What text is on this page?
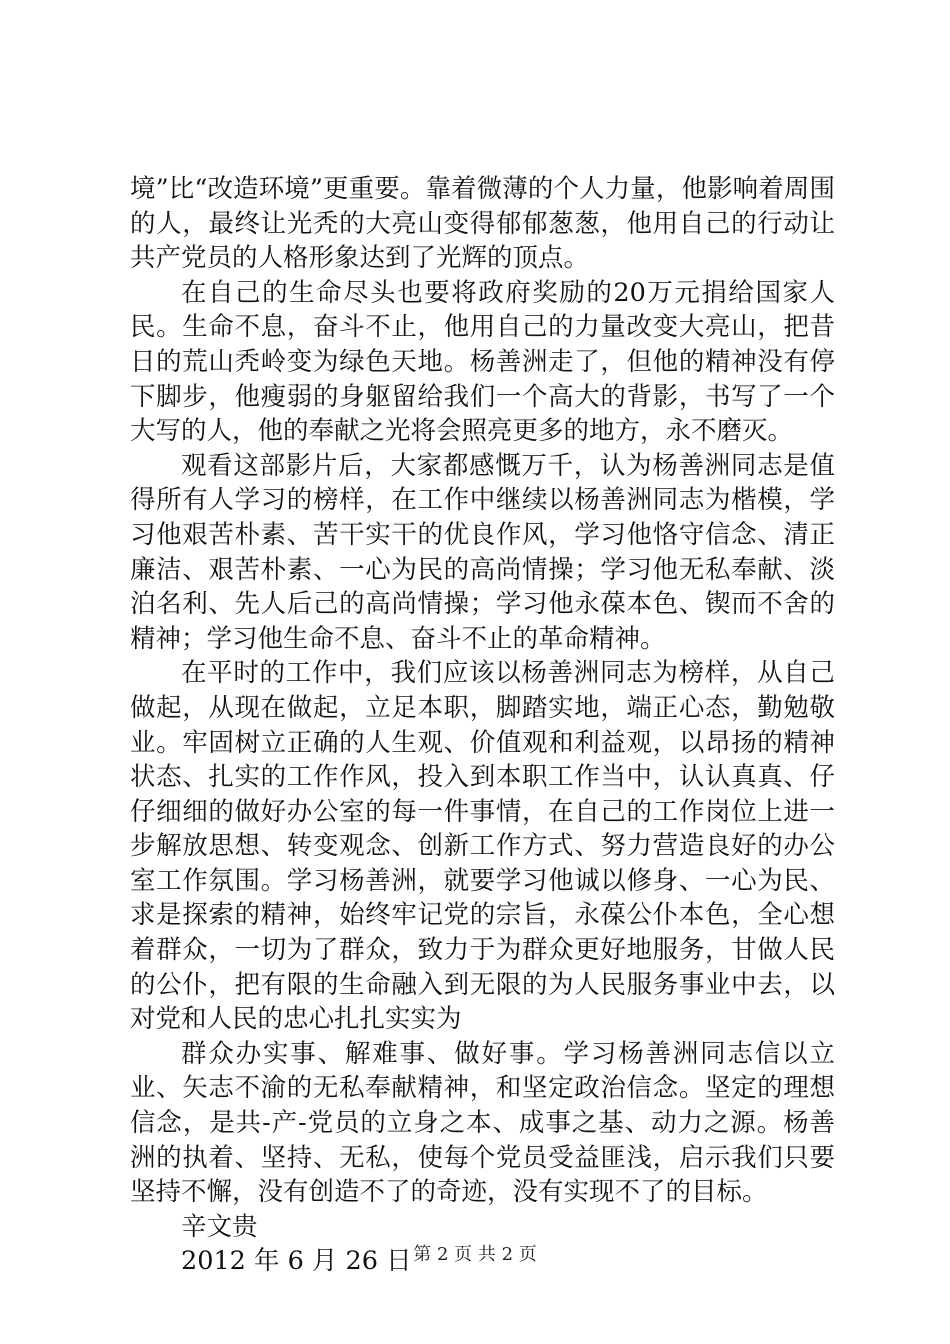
境”比“改造环境”更重要。靠着微薄的个人力量，他影响着周围的人，最终让光秃的大亮山变得郁郁葱葱，他用自己的行动让共产党员的人格形象达到了光辉的顶点。

在自己的生命尽头也要将政府奖励的20万元捐给国家人民。生命不息，奋斗不止，他用自己的力量改变大亮山，把昔日的荒山秃岭变为绿色天地。杨善洲走了，但他的精神没有停下脚步，他瘦弱的身躯留给我们一个高大的背影，书写了一个大写的人，他的奉献之光将会照亮更多的地方，永不磨灭。

观看这部影片后，大家都感慨万千，认为杨善洲同志是值得所有人学习的榜样，在工作中继续以杨善洲同志为楷模，学习他艰苦朴素、苦干实干的优良作风，学习他恪守信念、清正廉洁、艰苦朴素、一心为民的高尚情操；学习他无私奉献、淡泊名利、先人后己的高尚情操；学习他永葆本色、锲而不舍的精神；学习他生命不息、奋斗不止的革命精神。

在平时的工作中，我们应该以杨善洲同志为榜样，从自己做起，从现在做起，立足本职，脚踏实地，端正心态，勤勉敬业。牢固树立正确的人生观、价值观和利益观，以昂扬的精神状态、扎实的工作作风，投入到本职工作当中，认认真真、仔仔细细的做好办公室的每一件事情，在自己的工作岗位上进一步解放思想、转变观念、创新工作方式、努力营造良好的办公室工作氛围。学习杨善洲，就要学习他诚以修身、一心为民、求是探索的精神，始终牢记党的宗旨，永葆公仆本色，全心想着群众，一切为了群众，致力于为群众更好地服务，甘做人民的公仆，把有限的生命融入到无限的为人民服务事业中去，以对党和人民的忠心扎扎实实为

群众办实事、解难事、做好事。学习杨善洲同志信以立业、矢志不渝的无私奉献精神，和坚定政治信念。坚定的理想信念，是共-产-党员的立身之本、成事之基、动力之源。杨善洲的执着、坚持、无私，使每个党员受益匪浅，启示我们只要坚持不懈，没有创造不了的奇迹，没有实现不了的目标。

辛文贵

2012 年 6 月 26 日 第 2 页 共 2 页
